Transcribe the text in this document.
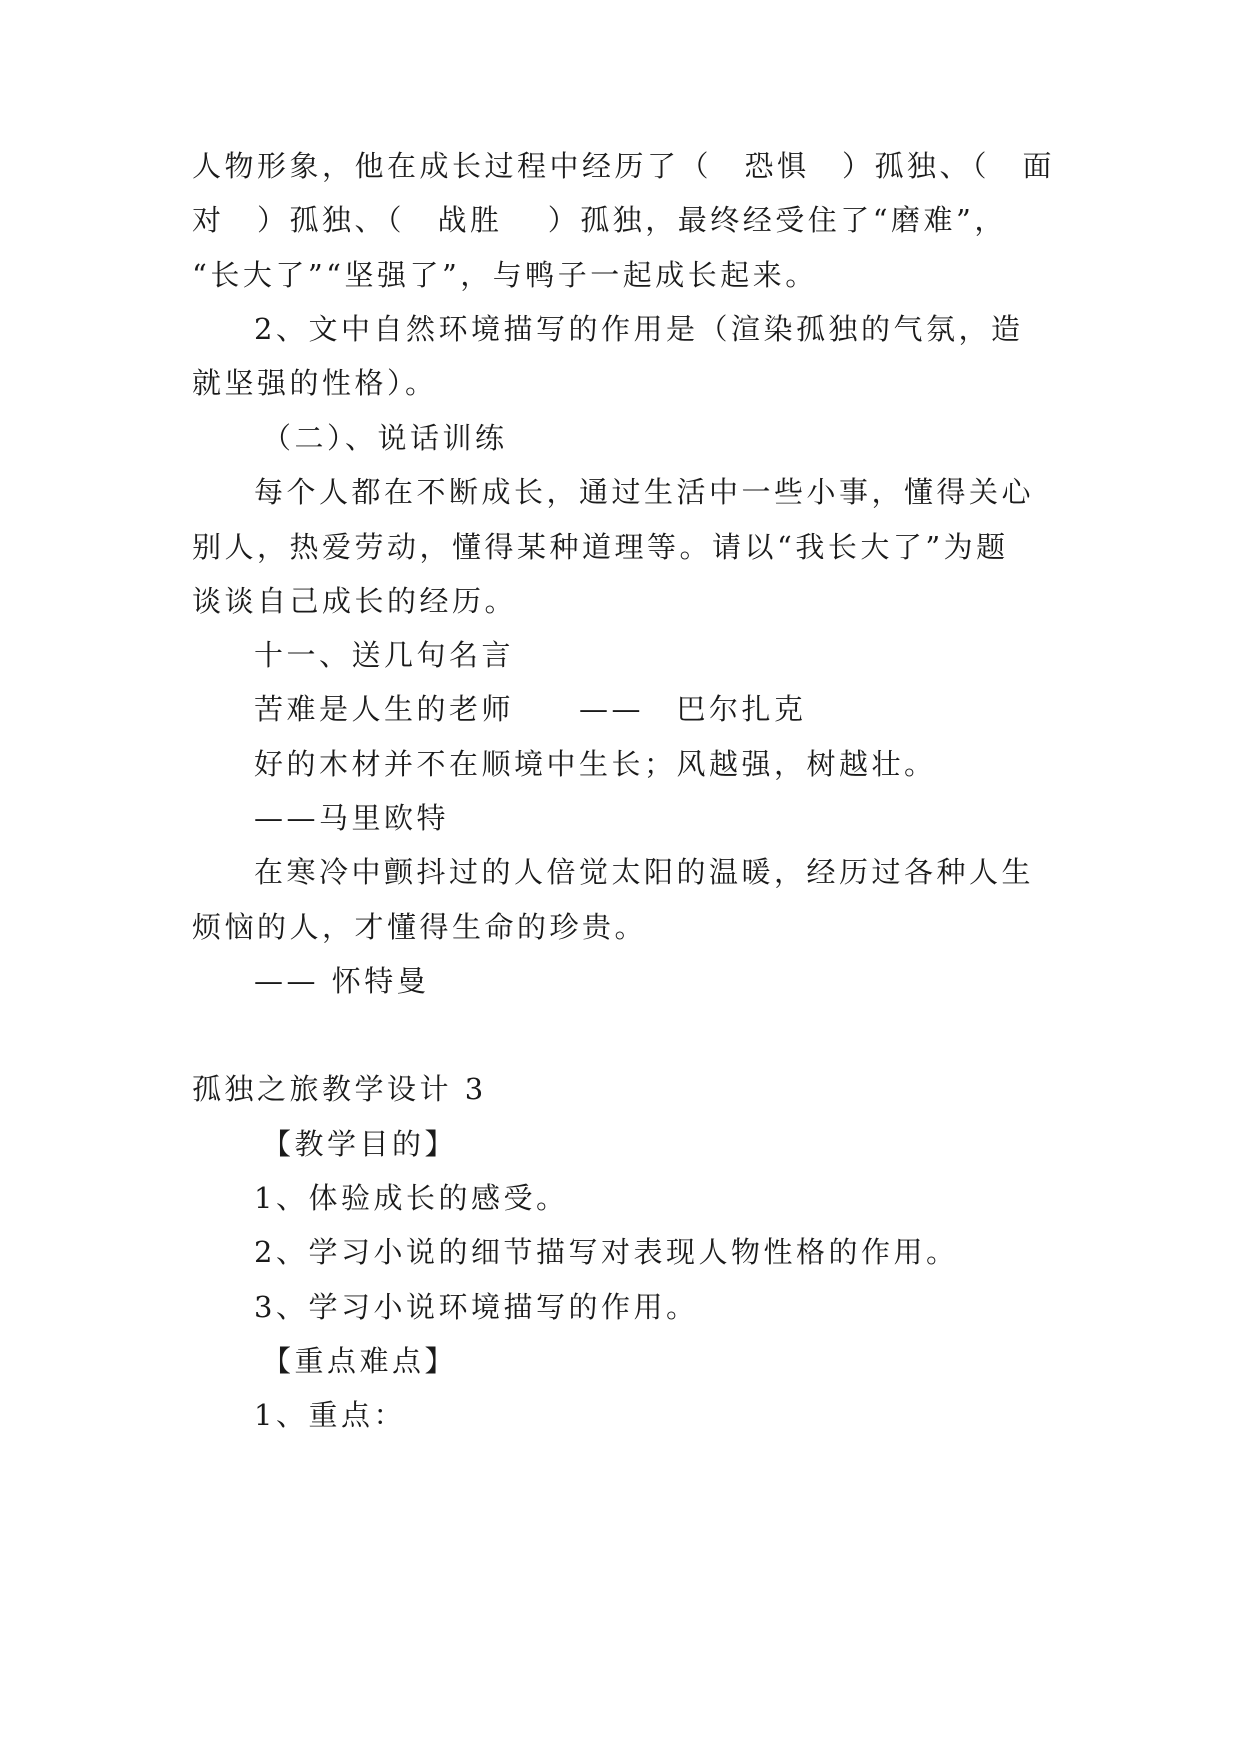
人物形象，他在成长过程中经历了（　恐惧　）孤独、（　面

对　）孤独、（　战胜　 ）孤独，最终经受住了“磨难”，

“长大了”“坚强了”，与鸭子一起成长起来。

2、文中自然环境描写的作用是（渲染孤独的气氛，造

就坚强的性格）。

（二）、说话训练

每个人都在不断成长，通过生活中一些小事，懂得关心

别人，热爱劳动，懂得某种道理等。请以“我长大了”为题

谈谈自己成长的经历。

十一、送几句名言

苦难是人生的老师　　——　巴尔扎克

好的木材并不在顺境中生长；风越强，树越壮。

——马里欧特

在寒冷中颤抖过的人倍觉太阳的温暖，经历过各种人生

烦恼的人，才懂得生命的珍贵。

—— 怀特曼

孤独之旅教学设计 3

【教学目的】

1、体验成长的感受。

2、学习小说的细节描写对表现人物性格的作用。

3、学习小说环境描写的作用。

【重点难点】

1、重点：
